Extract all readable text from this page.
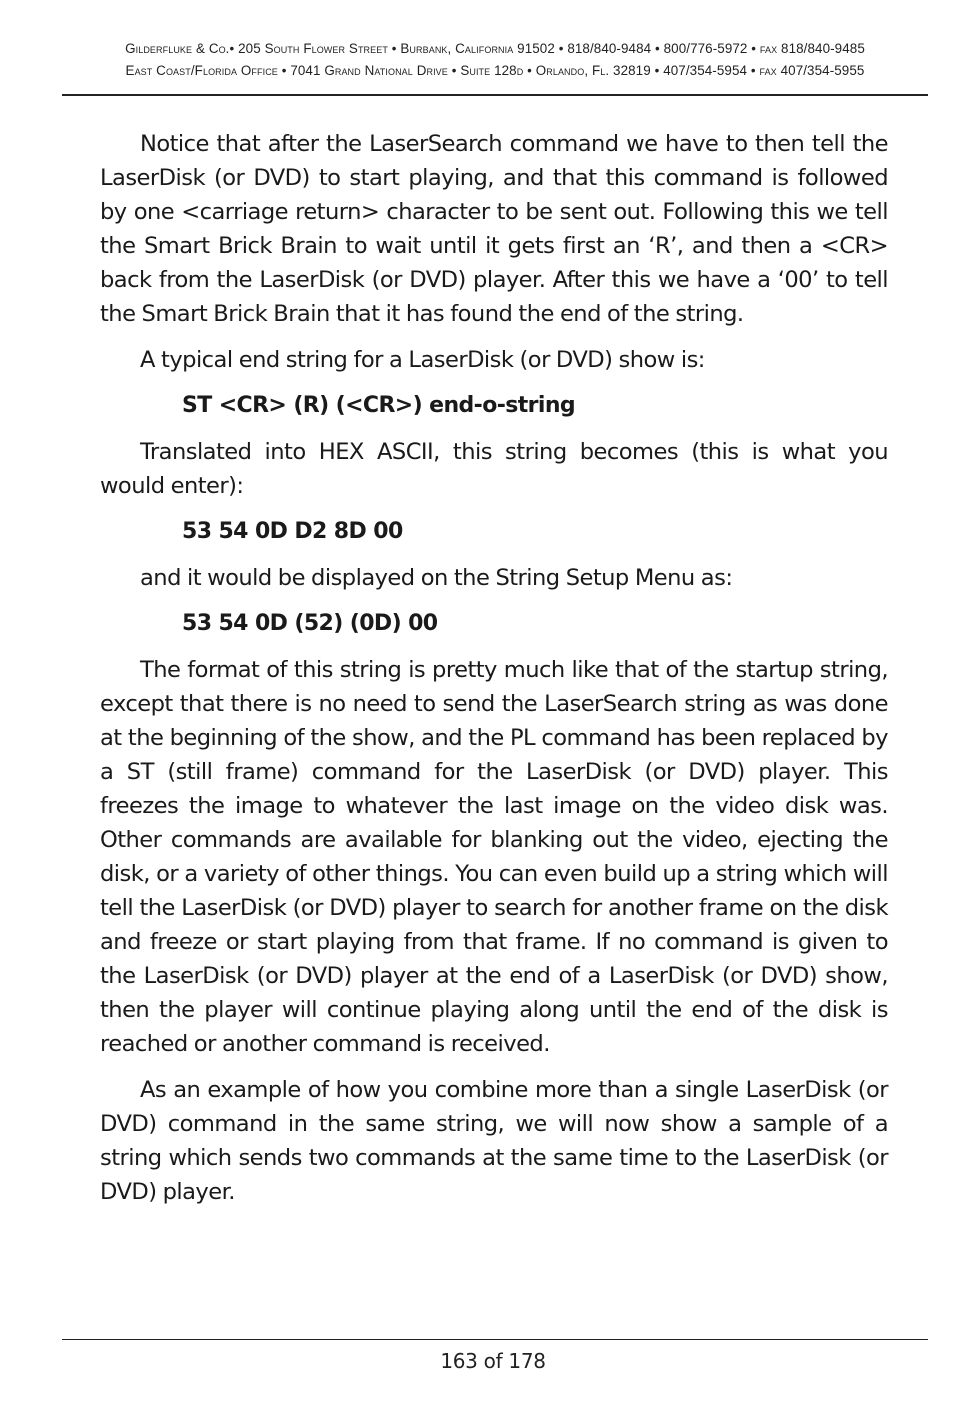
Gilderfluke & Co.• 205 South Flower Street • Burbank, California 91502 • 818/840-9484 • 800/776-5972 • fax 818/840-9485
East Coast/Florida Office • 7041 Grand National Drive • Suite 128d • Orlando, Fl. 32819 • 407/354-5954 • fax 407/354-5955

Notice that after the LaserSearch command we have to then tell the LaserDisk (or DVD) to start playing, and that this command is followed by one <carriage return> character to be sent out. Following this we tell the Smart Brick Brain to wait until it gets first an ‘R’, and then a <CR> back from the LaserDisk (or DVD) player. After this we have a ‘00’ to tell the Smart Brick Brain that it has found the end of the string.

A typical end string for a LaserDisk (or DVD) show is:

ST <CR> (R) (<CR>) end-o-string

Translated into HEX ASCII, this string becomes (this is what you would enter):

53 54 0D D2 8D 00

and it would be displayed on the String Setup Menu as:

53 54 0D (52) (0D) 00

The format of this string is pretty much like that of the startup string, except that there is no need to send the LaserSearch string as was done at the beginning of the show, and the PL command has been replaced by a ST (still frame) command for the LaserDisk (or DVD) player. This freezes the image to whatever the last image on the video disk was. Other commands are available for blanking out the video, ejecting the disk, or a variety of other things. You can even build up a string which will tell the LaserDisk (or DVD) player to search for another frame on the disk and freeze or start playing from that frame. If no command is given to the LaserDisk (or DVD) player at the end of a LaserDisk (or DVD) show, then the player will continue playing along until the end of the disk is reached or another command is received.

As an example of how you combine more than a single LaserDisk (or DVD) command in the same string, we will now show a sample of a string which sends two commands at the same time to the LaserDisk (or DVD) player.

163 of 178
